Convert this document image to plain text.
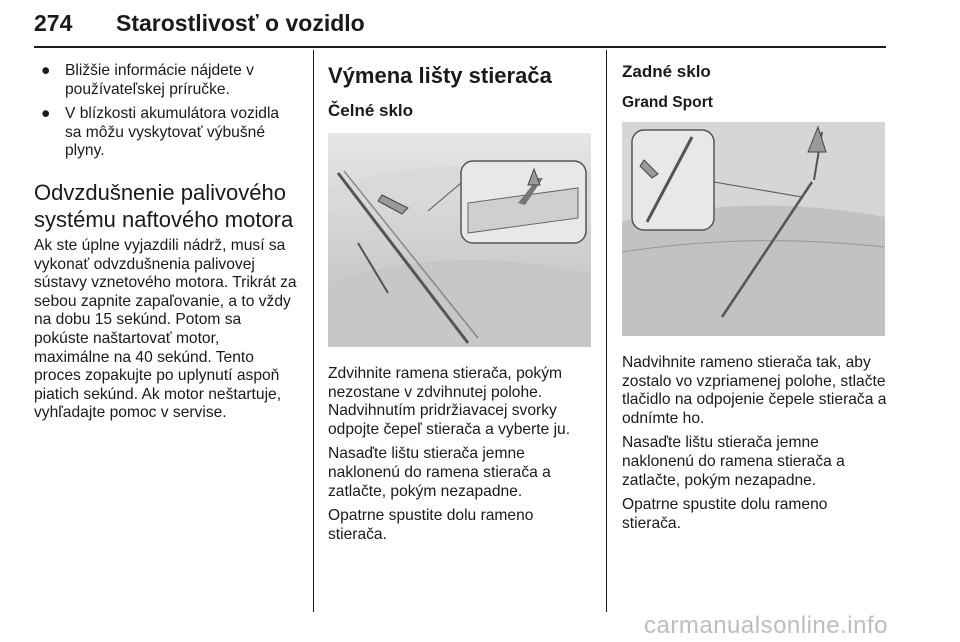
274 Starostlivosť o vozidlo
● Bližšie informácie nájdete v používateľskej príručke.
● V blízkosti akumulátora vozidla sa môžu vyskytovať výbušné plyny.
Odvzdušnenie palivového systému naftového motora

Ak ste úplne vyjazdili nádrž, musí sa vykonať odvzdušnenia palivovej sústavy vznetového motora. Trikrát za sebou zapnite zapaľovanie, a to vždy na dobu 15 sekúnd. Potom sa pokúste naštartovať motor, maximálne na 40 sekúnd. Tento proces zopakujte po uplynutí aspoň piatich sekúnd. Ak motor neštartuje, vyhľadajte pomoc v servise.

Výmena lišty stierača
Čelné sklo

Zdvihnite ramena stierača, pokým nezostane v zdvihnutej polohe. Nadvihnutím pridržiavacej svorky odpojte čepeľ stierača a vyberte ju.

Nasaďte lištu stierača jemne naklonenú do ramena stierača a zatlačte, pokým nezapadne.

Opatrne spustite dolu rameno stierača.

Zadné sklo
Grand Sport

Nadvihnite rameno stierača tak, aby zostalo vo vzpriamenej polohe, stlačte tlačidlo na odpojenie čepele stierača a odnímte ho.

Nasaďte lištu stierača jemne naklonenú do ramena stierača a zatlačte, pokým nezapadne.

Opatrne spustite dolu rameno stierača.

carmanualsonline.info
